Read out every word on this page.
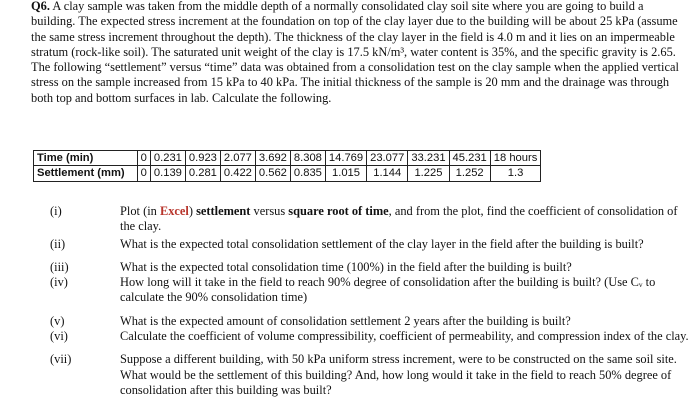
Q6. A clay sample was taken from the middle depth of a normally consolidated clay soil site where you are going to build a building. The expected stress increment at the foundation on top of the clay layer due to the building will be about 25 kPa (assume the same stress increment throughout the depth). The thickness of the clay layer in the field is 4.0 m and it lies on an impermeable stratum (rock-like soil). The saturated unit weight of the clay is 17.5 kN/m³, water content is 35%, and the specific gravity is 2.65. The following “settlement” versus “time” data was obtained from a consolidation test on the clay sample when the applied vertical stress on the sample increased from 15 kPa to 40 kPa. The initial thickness of the sample is 20 mm and the drainage was through both top and bottom surfaces in lab. Calculate the following.

Time (min)	0	0.231	0.923	2.077	3.692	8.308	14.769	23.077	33.231	45.231	18 hours
Settlement (mm)	0	0.139	0.281	0.422	0.562	0.835	1.015	1.144	1.225	1.252	1.3
(i)	Plot (in Excel) settlement versus square root of time, and from the plot, find the coefficient of consolidation of the clay.
(ii)	What is the expected total consolidation settlement of the clay layer in the field after the building is built?
(iii)	What is the expected total consolidation time (100%) in the field after the building is built?
(iv)	How long will it take in the field to reach 90% degree of consolidation after the building is built? (Use Cᵥ to calculate the 90% consolidation time)
(v)	What is the expected amount of consolidation settlement 2 years after the building is built?
(vi)	Calculate the coefficient of volume compressibility, coefficient of permeability, and compression index of the clay.
(vii)	Suppose a different building, with 50 kPa uniform stress increment, were to be constructed on the same soil site. What would be the settlement of this building? And, how long would it take in the field to reach 50% degree of consolidation after this building was built?
